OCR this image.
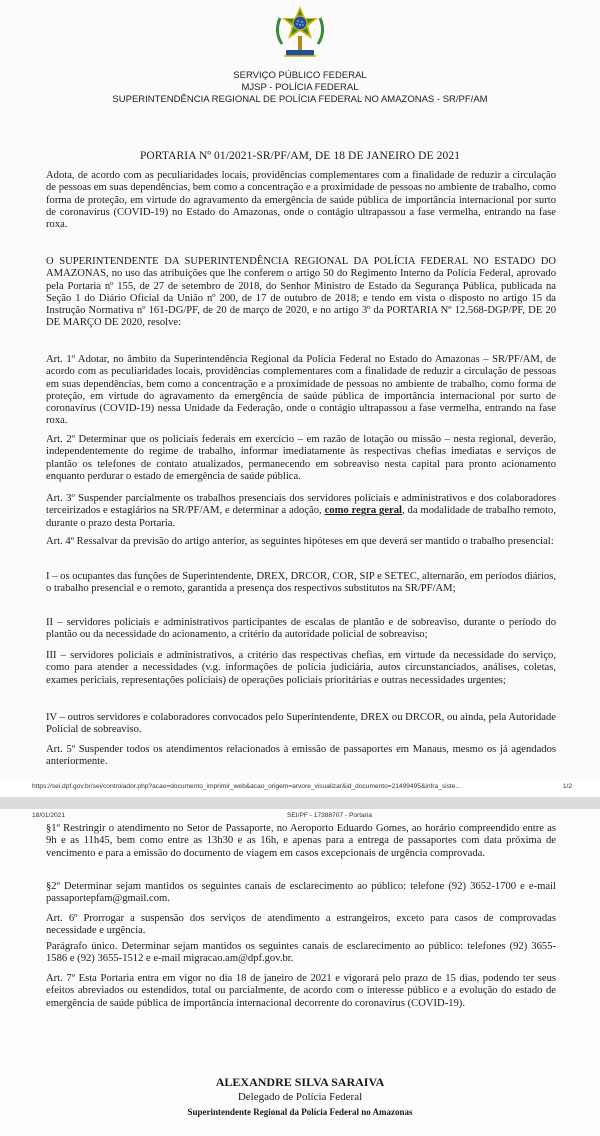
SERVIÇO PÚBLICO FEDERAL
MJSP - POLÍCIA FEDERAL
SUPERINTENDÊNCIA REGIONAL DE POLÍCIA FEDERAL NO AMAZONAS - SR/PF/AM
PORTARIA Nº 01/2021-SR/PF/AM, DE 18 DE JANEIRO DE 2021
Adota, de acordo com as peculiaridades locais, providências complementares com a finalidade de reduzir a circulação de pessoas em suas dependências, bem como a concentração e a proximidade de pessoas no ambiente de trabalho, como forma de proteção, em virtude do agravamento da emergência de saúde pública de importância internacional por surto de coronavírus (COVID-19) no Estado do Amazonas, onde o contágio ultrapassou a fase vermelha, entrando na fase roxa.
O SUPERINTENDENTE DA SUPERINTENDÊNCIA REGIONAL DA POLÍCIA FEDERAL NO ESTADO DO AMAZONAS, no uso das atribuições que lhe conferem o artigo 50 do Regimento Interno da Polícia Federal, aprovado pela Portaria nº 155, de 27 de setembro de 2018, do Senhor Ministro de Estado da Segurança Pública, publicada na Seção 1 do Diário Oficial da União nº 200, de 17 de outubro de 2018; e tendo em vista o disposto no artigo 15 da Instrução Normativa nº 161-DG/PF, de 20 de março de 2020, e no artigo 3º da PORTARIA Nº 12.568-DGP/PF, DE 20 DE MARÇO DE 2020, resolve:
Art. 1º Adotar, no âmbito da Superintendência Regional da Polícia Federal no Estado do Amazonas – SR/PF/AM, de acordo com as peculiaridades locais, providências complementares com a finalidade de reduzir a circulação de pessoas em suas dependências, bem como a concentração e a proximidade de pessoas no ambiente de trabalho, como forma de proteção, em virtude do agravamento da emergência de saúde pública de importância internacional por surto de coronavírus (COVID-19) nessa Unidade da Federação, onde o contágio ultrapassou a fase vermelha, entrando na fase roxa.
Art. 2º Determinar que os policiais federais em exercício – em razão de lotação ou missão – nesta regional, deverão, independentemente do regime de trabalho, informar imediatamente às respectivas chefias imediatas e serviços de plantão os telefones de contato atualizados, permanecendo em sobreaviso nesta capital para pronto acionamento enquanto perdurar o estado de emergência de saúde pública.
Art. 3º Suspender parcialmente os trabalhos presenciais dos servidores policiais e administrativos e dos colaboradores terceirizados e estagiários na SR/PF/AM, e determinar a adoção, como regra geral, da modalidade de trabalho remoto, durante o prazo desta Portaria.
Art. 4º Ressalvar da previsão do artigo anterior, as seguintes hipóteses em que deverá ser mantido o trabalho presencial:
I – os ocupantes das funções de Superintendente, DREX, DRCOR, COR, SIP e SETEC, alternarão, em períodos diários, o trabalho presencial e o remoto, garantida a presença dos respectivos substitutos na SR/PF/AM;
II – servidores policiais e administrativos participantes de escalas de plantão e de sobreaviso, durante o período do plantão ou da necessidade do acionamento, a critério da autoridade policial de sobreaviso;
III – servidores policiais e administrativos, a critério das respectivas chefias, em virtude da necessidade do serviço, como para atender a necessidades (v.g. informações de polícia judiciária, autos circunstanciados, análises, coletas, exames periciais, representações policiais) de operações policiais prioritárias e outras necessidades urgentes;
IV – outros servidores e colaboradores convocados pelo Superintendente, DREX ou DRCOR, ou ainda, pela Autoridade Policial de sobreaviso.
Art. 5º Suspender todos os atendimentos relacionados à emissão de passaportes em Manaus, mesmo os já agendados anteriormente.
https://sei.dpf.gov.br/sei/controlador.php?acao=documento_imprimir_web&acao_origem=arvore_visualizar&id_documento=21499495&infra_siste...	1/2
18/01/2021	SEI/PF - 17388707 - Portaria
§1º Restringir o atendimento no Setor de Passaporte, no Aeroporto Eduardo Gomes, ao horário compreendido entre as 9h e as 11h45, bem como entre as 13h30 e as 16h, e apenas para a entrega de passaportes com data próxima de vencimento e para a emissão do documento de viagem em casos excepcionais de urgência comprovada.
§2º Determinar sejam mantidos os seguintes canais de esclarecimento ao público: telefone (92) 3652-1700 e e-mail passaportepfam@gmail.com.
Art. 6º Prorrogar a suspensão dos serviços de atendimento a estrangeiros, exceto para casos de comprovadas necessidade e urgência.
Parágrafo único. Determinar sejam mantidos os seguintes canais de esclarecimento ao público: telefones (92) 3655-1586 e (92) 3655-1512 e e-mail migracao.am@dpf.gov.br.
Art. 7º Esta Portaria entra em vigor no dia 18 de janeiro de 2021 e vigorará pelo prazo de 15 dias, podendo ter seus efeitos abreviados ou estendidos, total ou parcialmente, de acordo com o interesse público e a evolução do estado de emergência de saúde pública de importância internacional decorrente do coronavírus (COVID-19).
ALEXANDRE SILVA SARAIVA
Delegado de Polícia Federal
Superintendente Regional da Polícia Federal no Amazonas
